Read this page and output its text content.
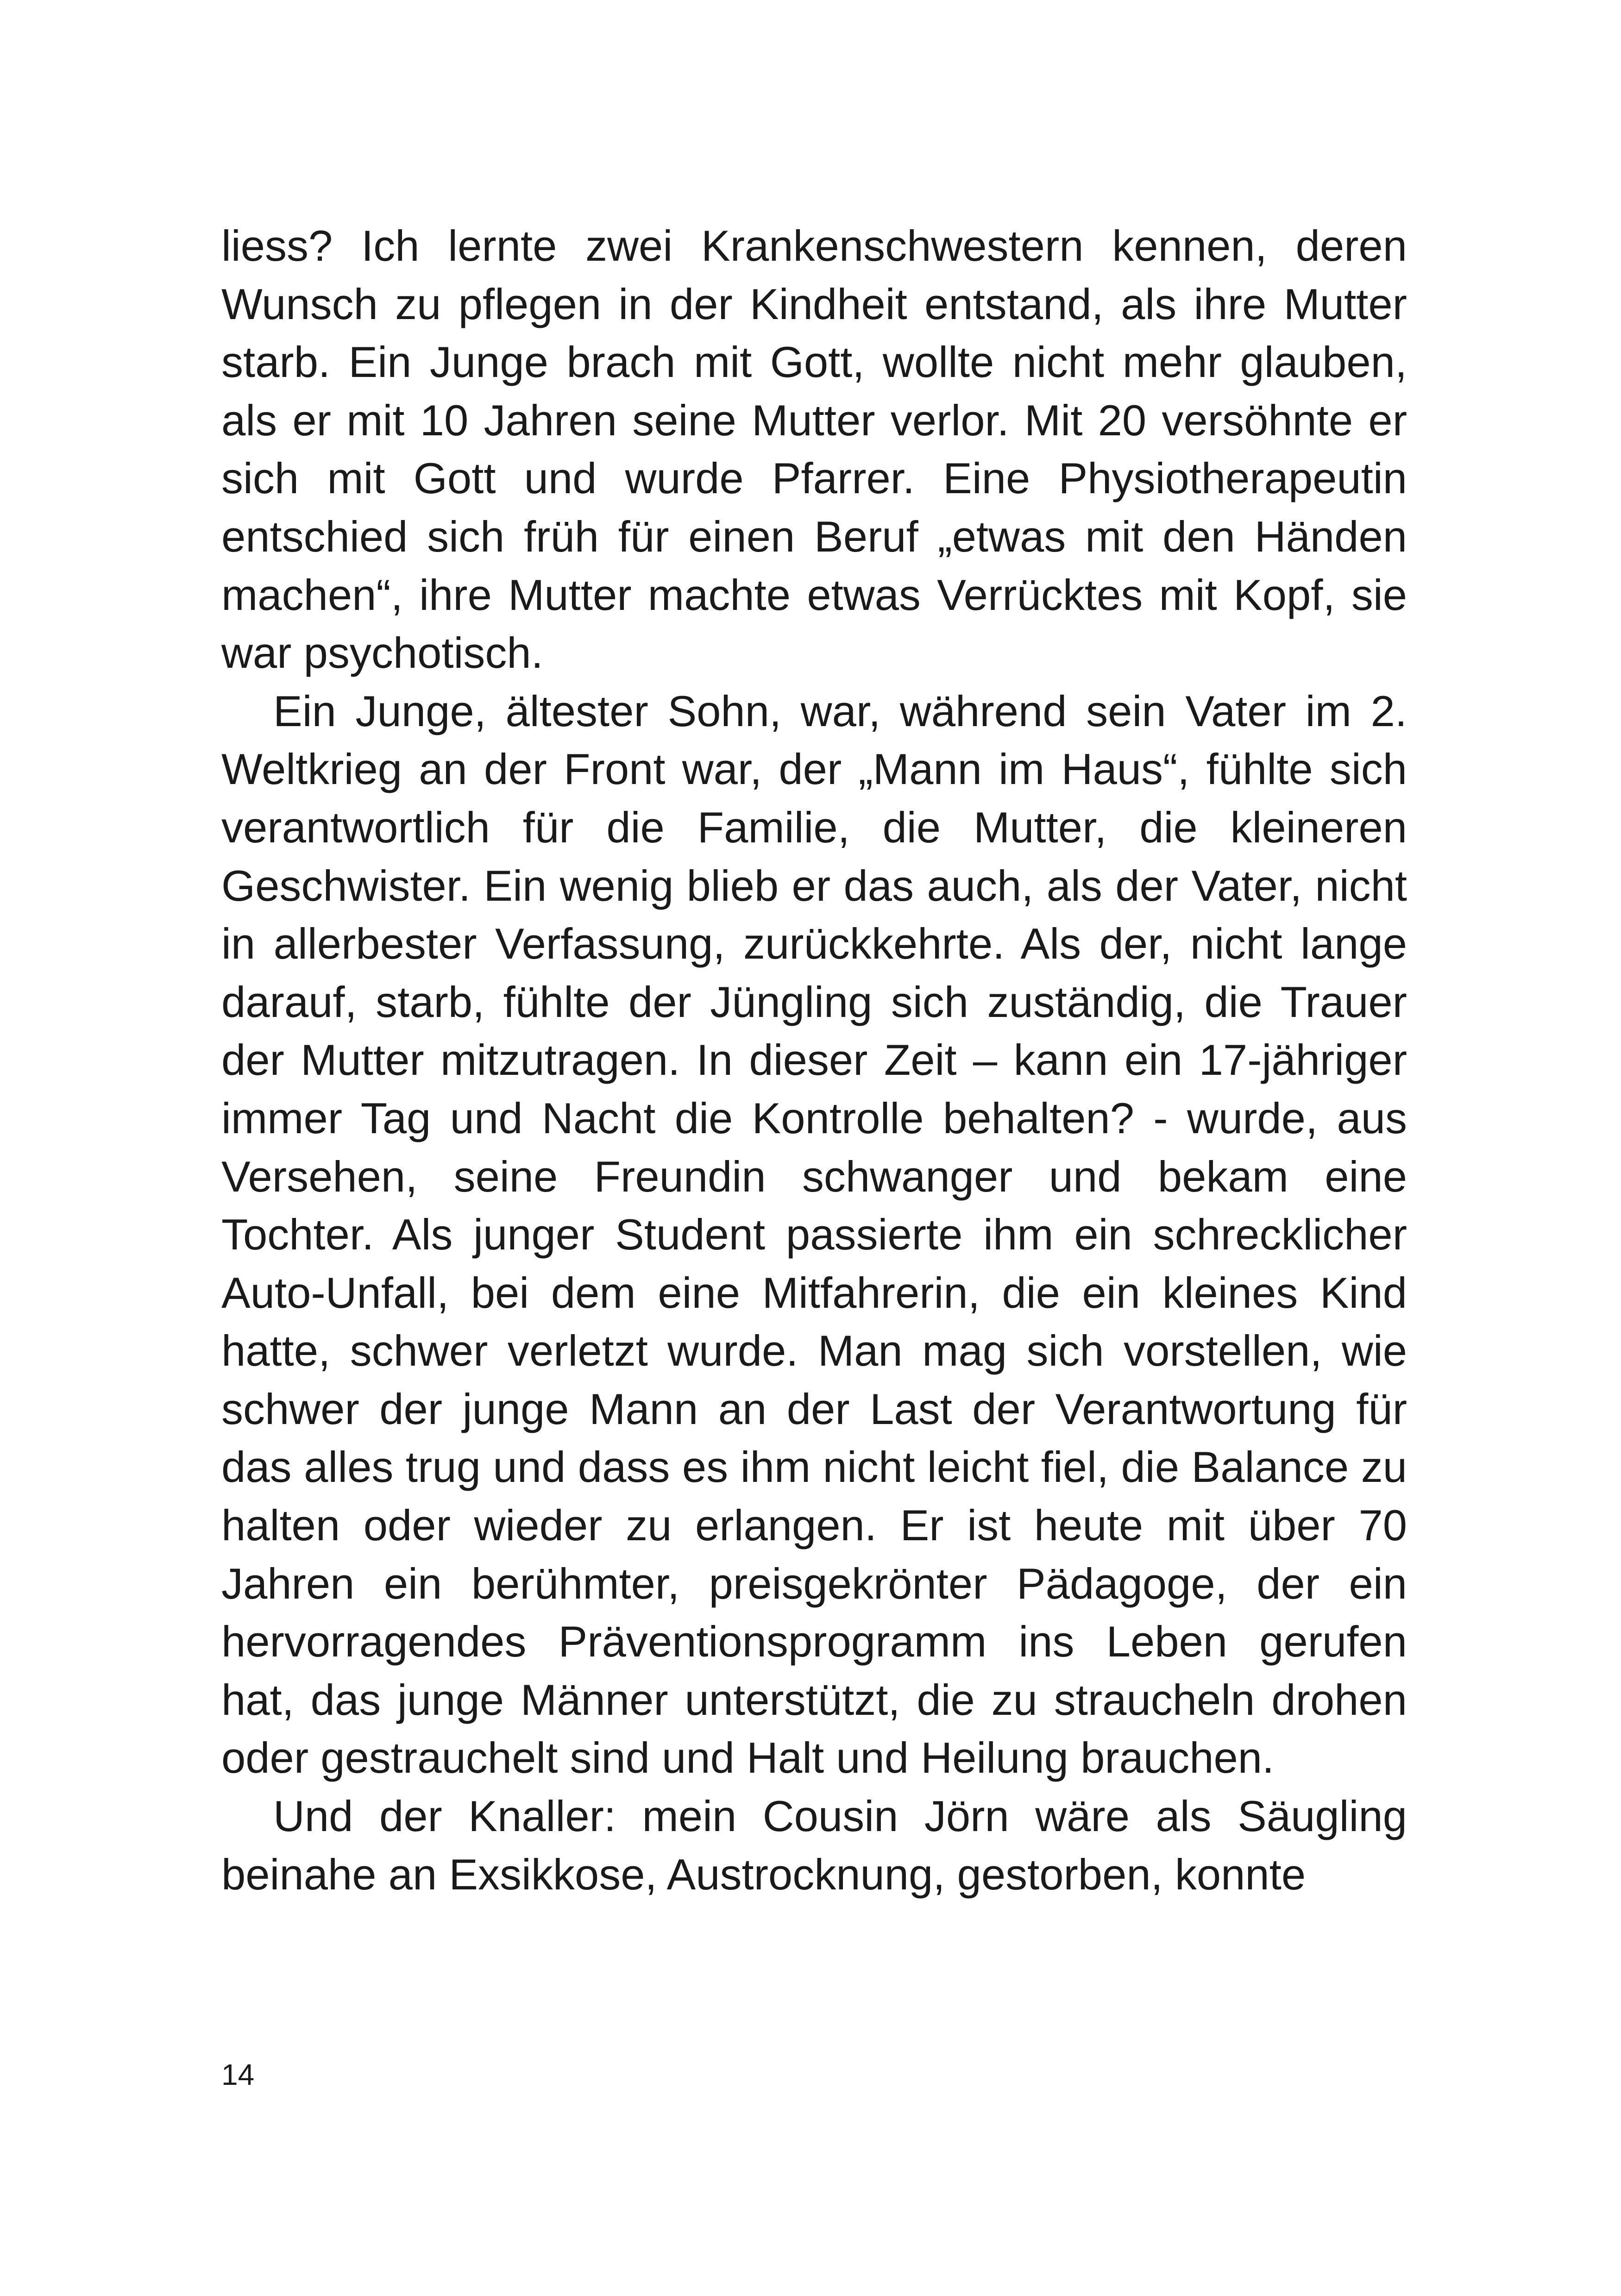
liess? Ich lernte zwei Krankenschwestern kennen, deren Wunsch zu pflegen in der Kindheit entstand, als ihre Mutter starb. Ein Junge brach mit Gott, wollte nicht mehr glauben, als er mit 10 Jahren seine Mutter verlor. Mit 20 versöhnte er sich mit Gott und wurde Pfarrer. Eine Physiotherapeutin entschied sich früh für einen Beruf „etwas mit den Händen machen“, ihre Mutter machte etwas Verrücktes mit Kopf, sie war psychotisch.

Ein Junge, ältester Sohn, war, während sein Vater im 2. Weltkrieg an der Front war, der „Mann im Haus“, fühlte sich verantwortlich für die Familie, die Mutter, die kleineren Geschwister. Ein wenig blieb er das auch, als der Vater, nicht in allerbester Verfassung, zurückkehrte. Als der, nicht lange darauf, starb, fühlte der Jüngling sich zuständig, die Trauer der Mutter mitzutragen. In dieser Zeit – kann ein 17-jähriger immer Tag und Nacht die Kontrolle behalten? - wurde, aus Versehen, seine Freundin schwanger und bekam eine Tochter. Als junger Student passierte ihm ein schrecklicher Auto-Unfall, bei dem eine Mitfahrerin, die ein kleines Kind hatte, schwer verletzt wurde. Man mag sich vorstellen, wie schwer der junge Mann an der Last der Verantwortung für das alles trug und dass es ihm nicht leicht fiel, die Balance zu halten oder wieder zu erlangen. Er ist heute mit über 70 Jahren ein berühmter, preisgekrönter Pädagoge, der ein hervorragendes Präventionsprogramm ins Leben gerufen hat, das junge Männer unterstützt, die zu straucheln drohen oder gestrauchelt sind und Halt und Heilung brauchen.

Und der Knaller: mein Cousin Jörn wäre als Säugling beinahe an Exsikkose, Austrocknung, gestorben, konnte

14
